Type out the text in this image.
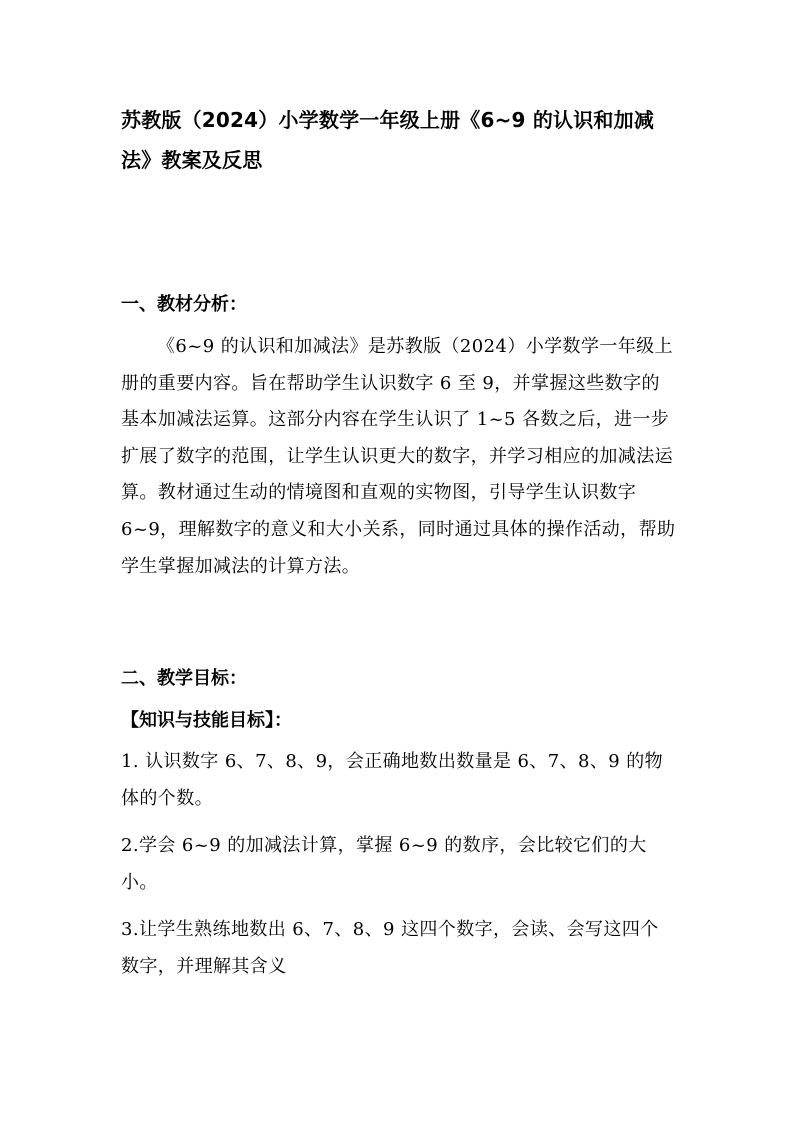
苏教版（2024）小学数学一年级上册《6~9 的认识和加减法》教案及反思
一、教材分析：

《6~9 的认识和加减法》是苏教版（2024）小学数学一年级上册的重要内容。旨在帮助学生认识数字 6 至 9，并掌握这些数字的基本加减法运算。这部分内容在学生认识了 1~5 各数之后，进一步扩展了数字的范围，让学生认识更大的数字，并学习相应的加减法运算。教材通过生动的情境图和直观的实物图，引导学生认识数字 6~9，理解数字的意义和大小关系，同时通过具体的操作活动，帮助学生掌握加减法的计算方法。

二、教学目标：
【知识与技能目标】：

1. 认识数字 6、7、8、9，会正确地数出数量是 6、7、8、9 的物体的个数。

2.学会 6~9 的加减法计算，掌握 6~9 的数序，会比较它们的大小。

3.让学生熟练地数出 6、7、8、9 这四个数字，会读、会写这四个数字，并理解其含义
